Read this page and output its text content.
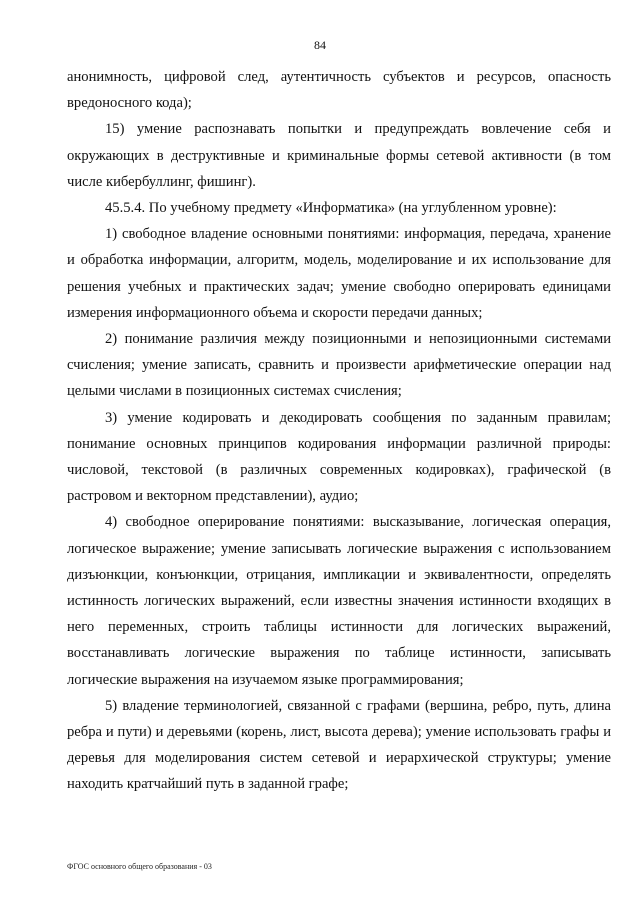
84

анонимность, цифровой след, аутентичность субъектов и ресурсов, опасность вредоносного кода);

15) умение распознавать попытки и предупреждать вовлечение себя и окружающих в деструктивные и криминальные формы сетевой активности (в том числе кибербуллинг, фишинг).

45.5.4. По учебному предмету «Информатика» (на углубленном уровне):

1) свободное владение основными понятиями: информация, передача, хранение и обработка информации, алгоритм, модель, моделирование и их использование для решения учебных и практических задач; умение свободно оперировать единицами измерения информационного объема и скорости передачи данных;

2) понимание различия между позиционными и непозиционными системами счисления; умение записать, сравнить и произвести арифметические операции над целыми числами в позиционных системах счисления;

3) умение кодировать и декодировать сообщения по заданным правилам; понимание основных принципов кодирования информации различной природы: числовой, текстовой (в различных современных кодировках), графической (в растровом и векторном представлении), аудио;

4) свободное оперирование понятиями: высказывание, логическая операция, логическое выражение; умение записывать логические выражения с использованием дизъюнкции, конъюнкции, отрицания, импликации и эквивалентности, определять истинность логических выражений, если известны значения истинности входящих в него переменных, строить таблицы истинности для логических выражений, восстанавливать логические выражения по таблице истинности, записывать логические выражения на изучаемом языке программирования;

5) владение терминологией, связанной с графами (вершина, ребро, путь, длина ребра и пути) и деревьями (корень, лист, высота дерева); умение использовать графы и деревья для моделирования систем сетевой и иерархической структуры; умение находить кратчайший путь в заданной графе;

ФГОС основного общего образования - 03
